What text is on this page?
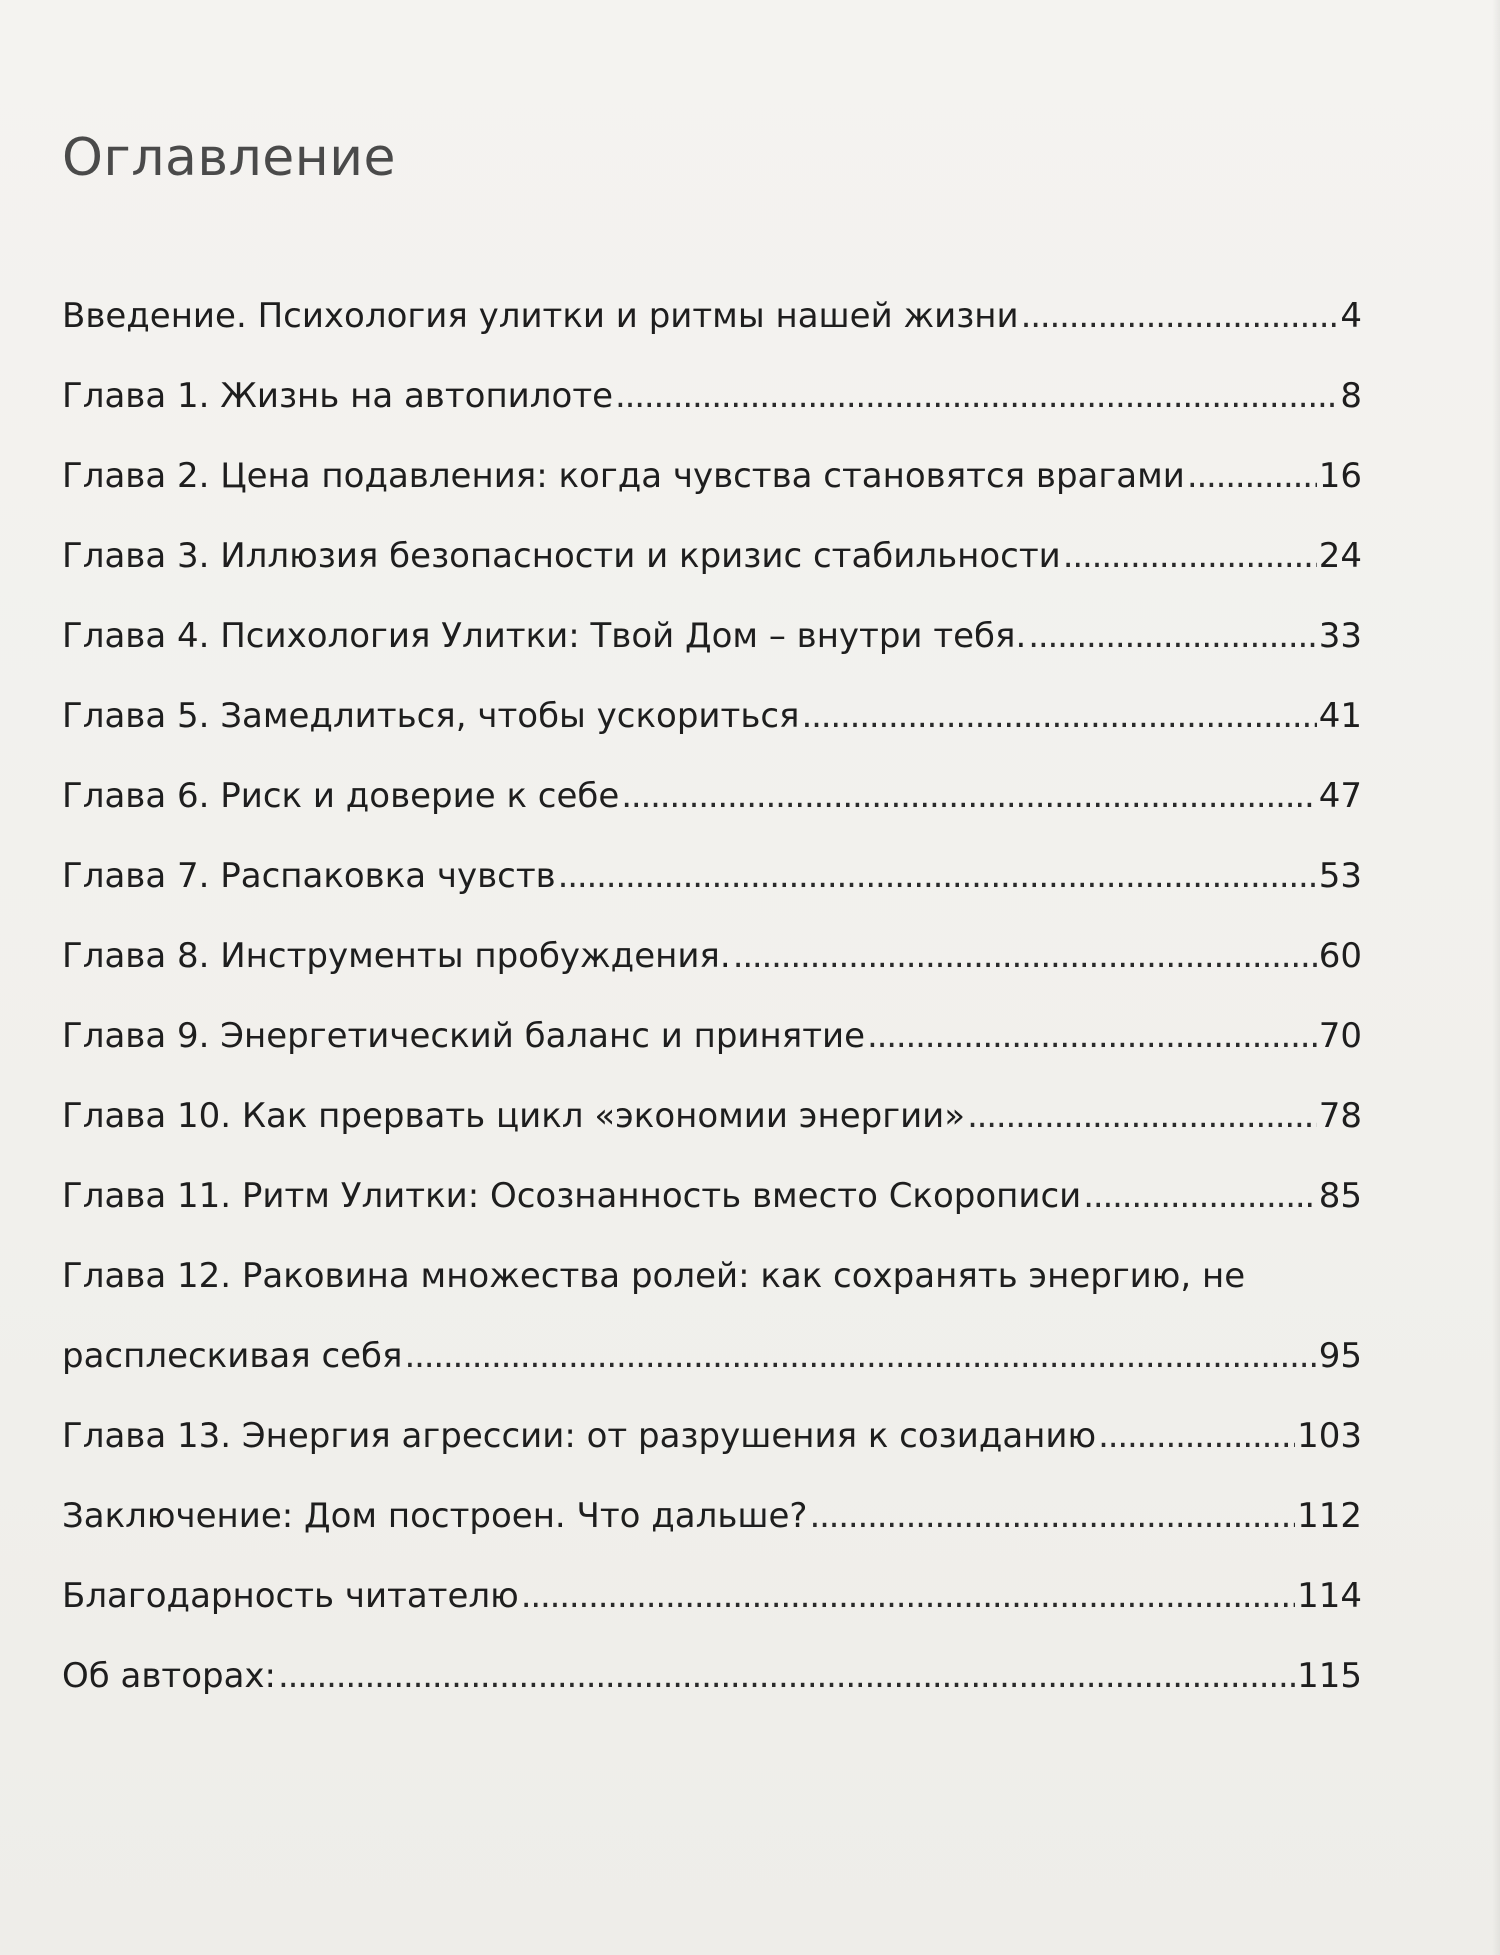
Оглавление
Введение. Психология улитки и ритмы нашей жизни . . .	4
Глава 1. Жизнь на автопилоте . . .	8
Глава 2. Цена подавления: когда чувства становятся врагами . . .	16
Глава 3. Иллюзия безопасности и кризис стабильности . . .	24
Глава 4. Психология Улитки: Твой Дом – внутри тебя. . . .	33
Глава 5. Замедлиться, чтобы ускориться . . .	41
Глава 6. Риск и доверие к себе . . .	47
Глава 7. Распаковка чувств . . .	53
Глава 8. Инструменты пробуждения. . . .	60
Глава 9. Энергетический баланс и принятие . . .	70
Глава 10. Как прервать цикл «экономии энергии» . . .	78
Глава 11. Ритм Улитки: Осознанность вместо Скорописи . . .	85
Глава 12. Раковина множества ролей: как сохранять энергию, не
расплескивая себя . . .	95
Глава 13. Энергия агрессии: от разрушения к созиданию . . .	103
Заключение: Дом построен. Что дальше? . . .	112
Благодарность читателю . . .	114
Об авторах: . . .	115
